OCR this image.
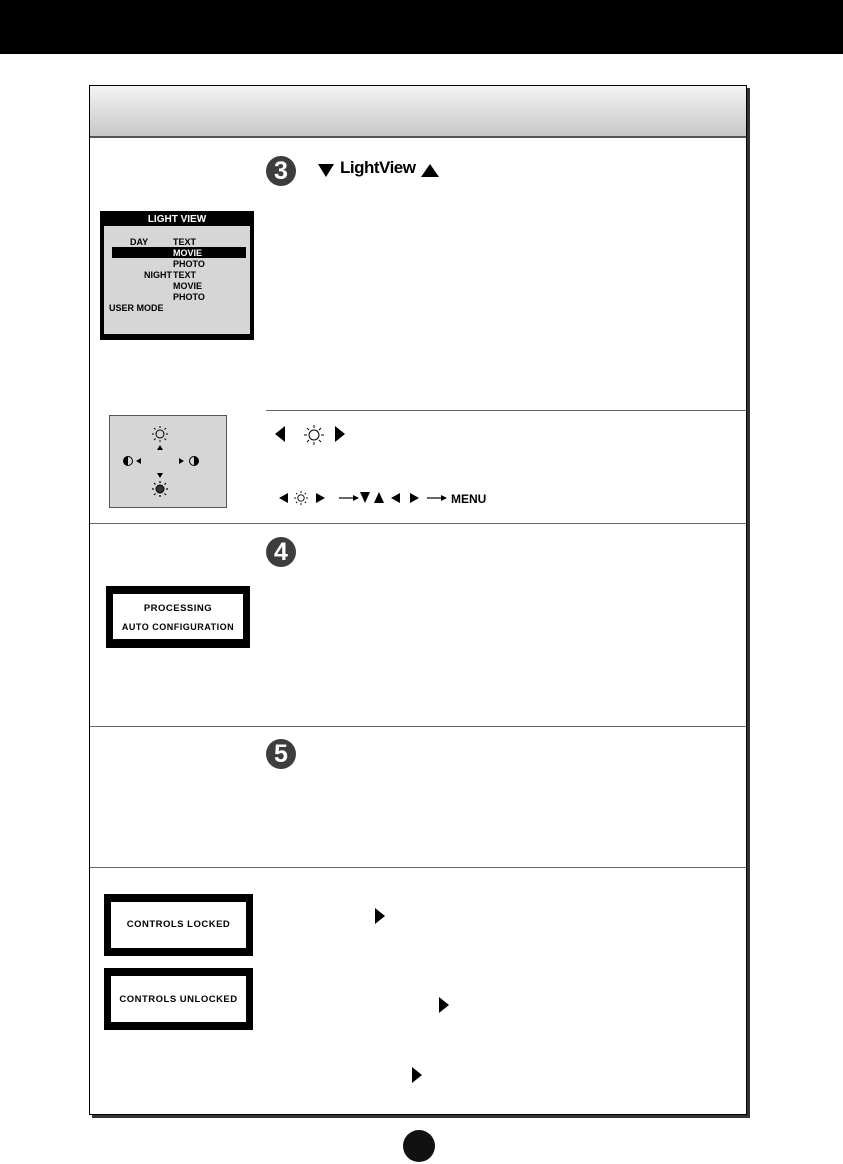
3	LightView
LIGHT VIEW
DAY	TEXT
MOVIE
PHOTO
NIGHT TEXT
MOVIE
PHOTO
USER MODE
MENU
4
PROCESSING
AUTO CONFIGURATION
5
CONTROLS LOCKED
CONTROLS UNLOCKED
